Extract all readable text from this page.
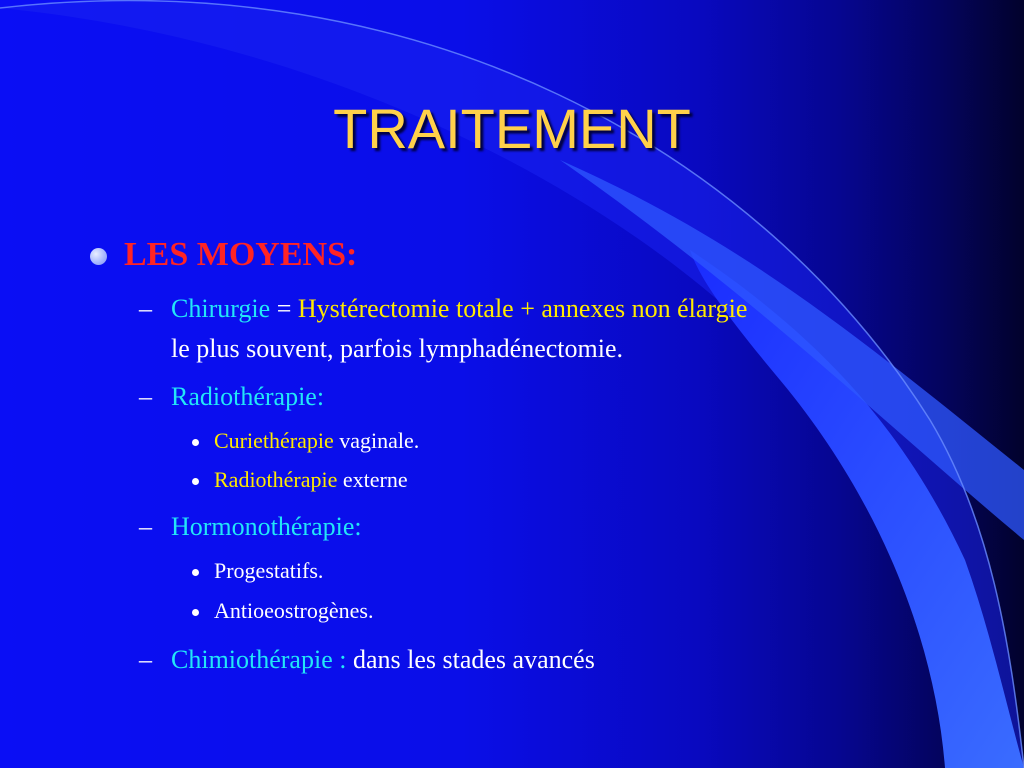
TRAITEMENT
LES MOYENS:
– Chirurgie = Hystérectomie totale + annexes non élargie
le plus souvent, parfois lymphadénectomie.
– Radiothérapie:
Curiethérapie vaginale.
Radiothérapie externe
– Hormonothérapie:
Progestatifs.
Antioeostrogènes.
– Chimiothérapie : dans les stades avancés
